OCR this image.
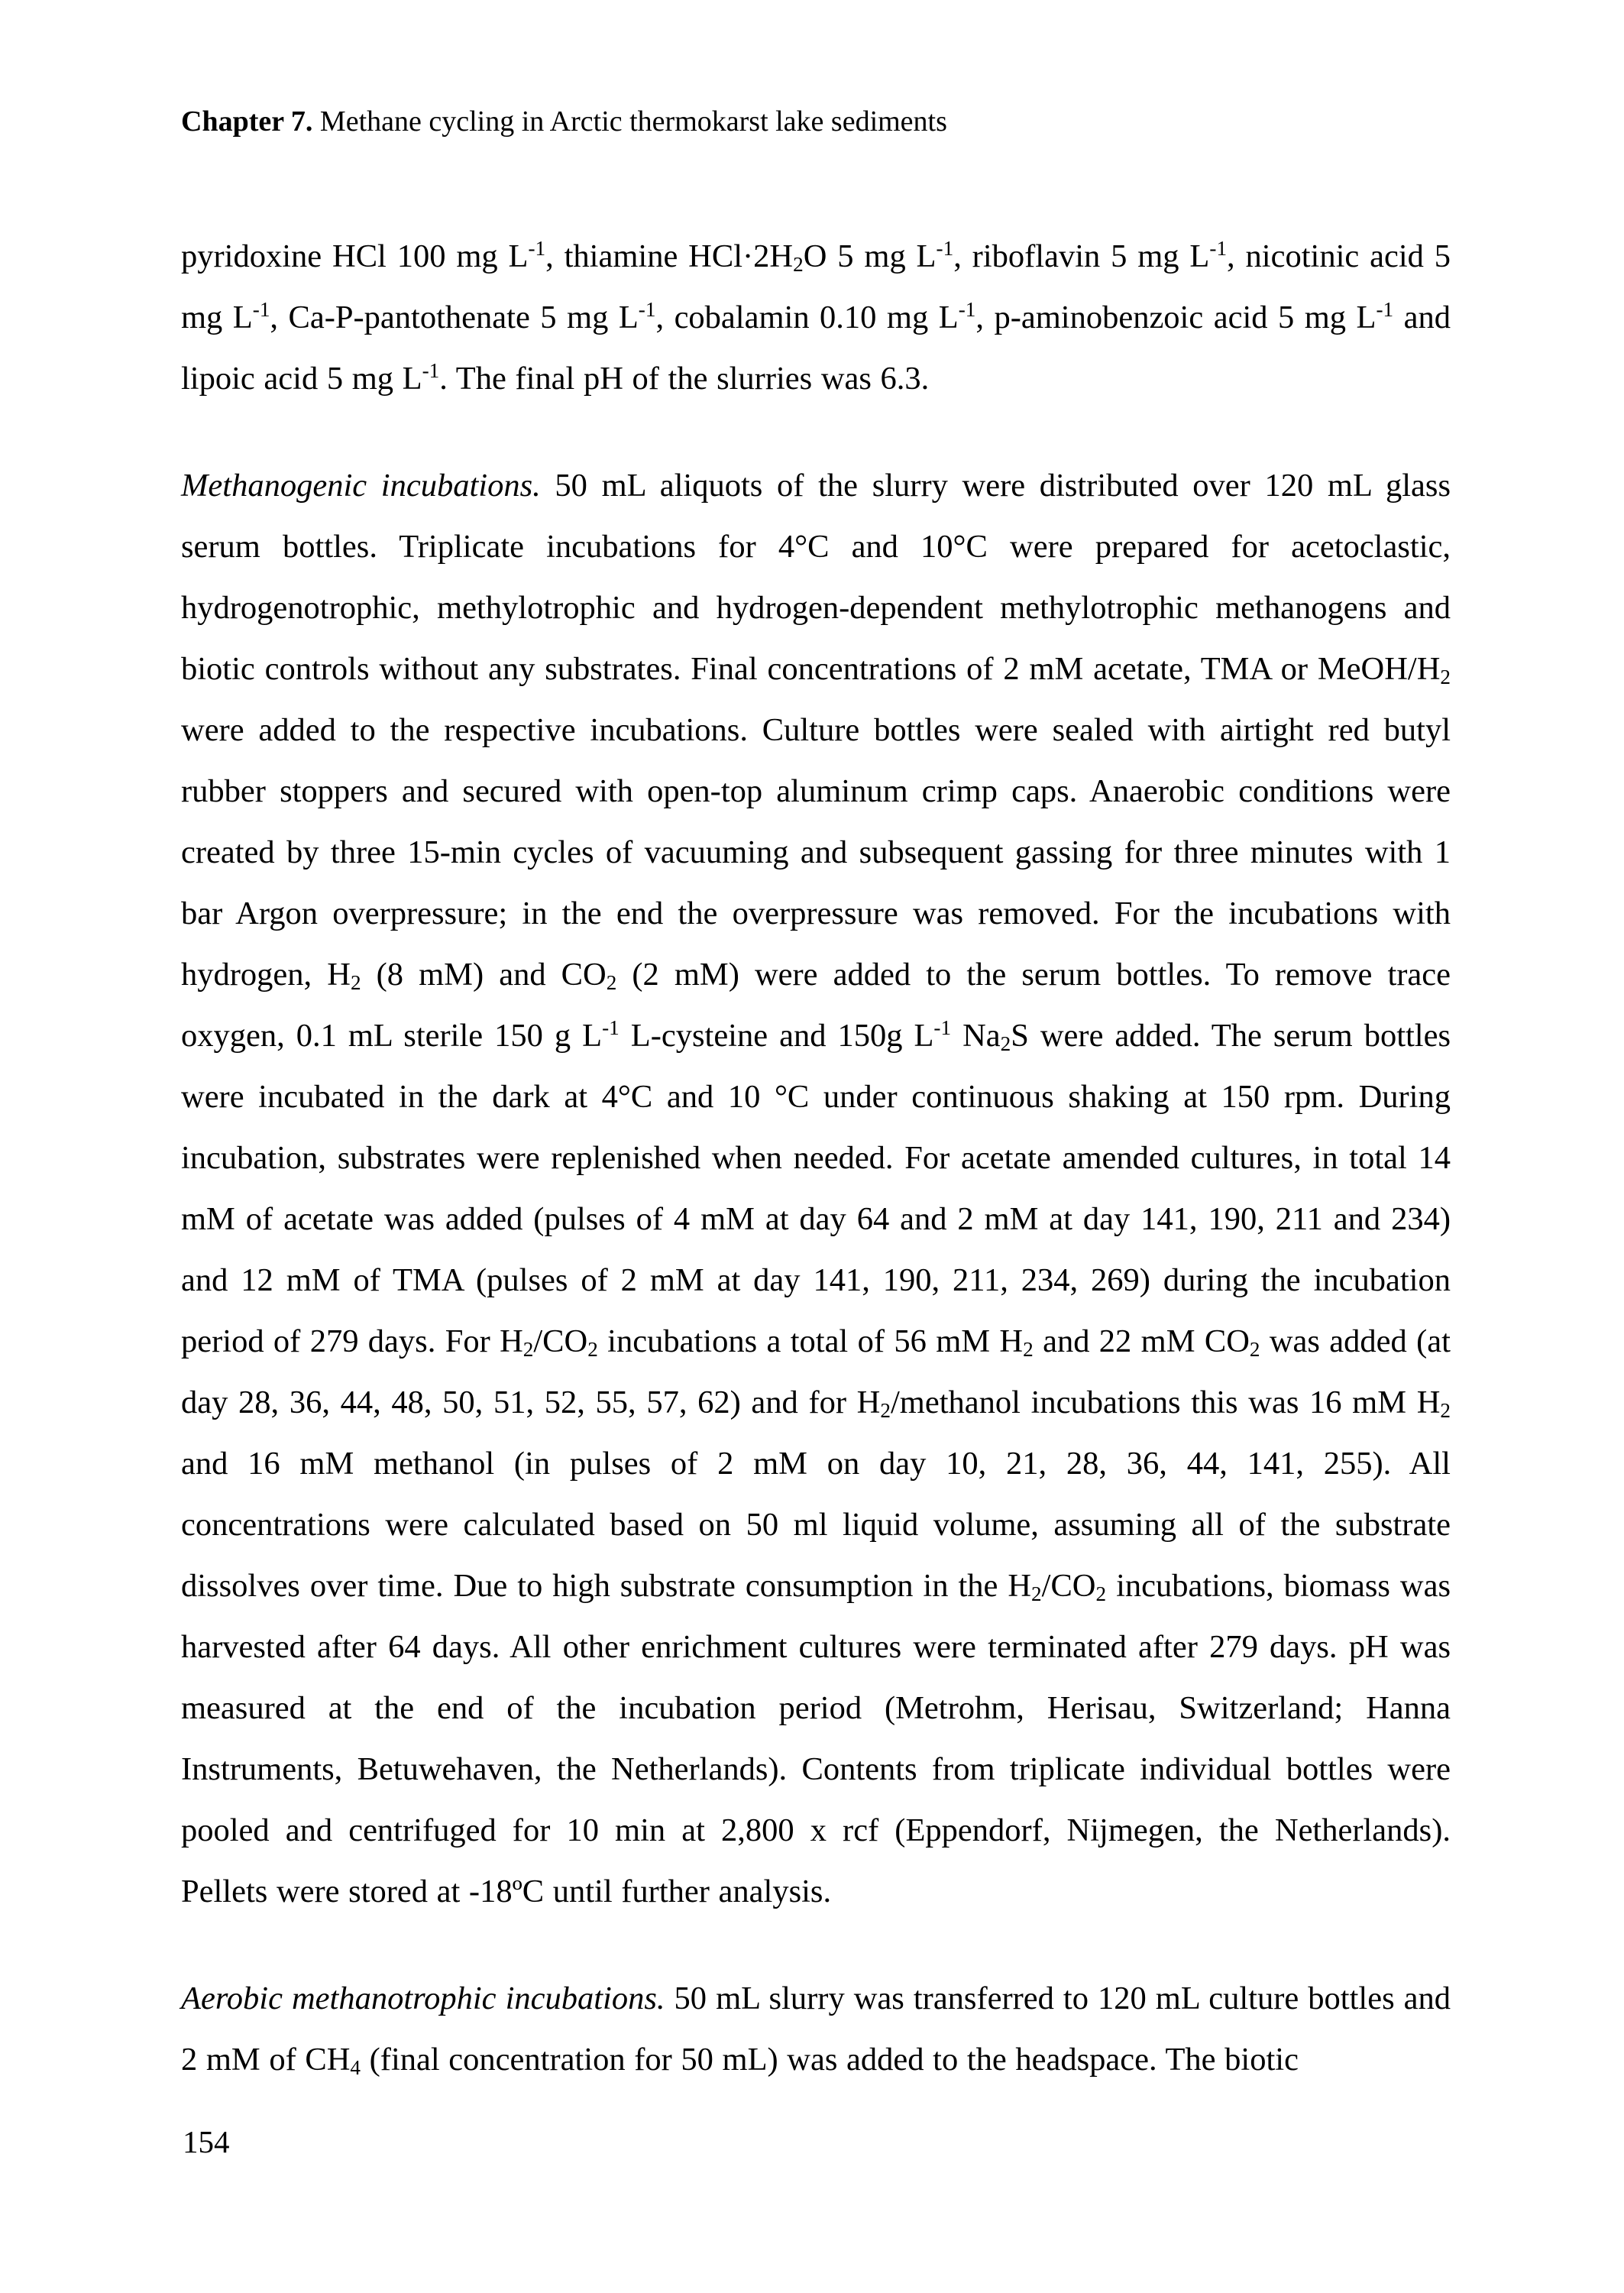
Chapter 7. Methane cycling in Arctic thermokarst lake sediments

pyridoxine HCl 100 mg $L^{-1}$, thiamine $HCl\cdot 2H_2O$ 5 mg $L^{-1}$, riboflavin 5 mg $L^{-1}$, nicotinic acid 5 mg $L^{-1}$, Ca-P-pantothenate 5 mg $L^{-1}$, cobalamin 0.10 mg $L^{-1}$, p-aminobenzoic acid 5 mg $L^{-1}$ and lipoic acid 5 mg $L^{-1}$. The final pH of the slurries was 6.3.

Methanogenic incubations. 50 mL aliquots of the slurry were distributed over 120 mL glass serum bottles. Triplicate incubations for 4°C and 10°C were prepared for acetoclastic, hydrogenotrophic, methylotrophic and hydrogen-dependent methylotrophic methanogens and biotic controls without any substrates. Final concentrations of 2 mM acetate, TMA or MeOH/$H_2$ were added to the respective incubations. Culture bottles were sealed with airtight red butyl rubber stoppers and secured with open-top aluminum crimp caps. Anaerobic conditions were created by three 15-min cycles of vacuuming and subsequent gassing for three minutes with 1 bar Argon overpressure; in the end the overpressure was removed. For the incubations with hydrogen, $H_2$ (8 mM) and $CO_2$ (2 mM) were added to the serum bottles. To remove trace oxygen, 0.1 mL sterile 150 g $L^{-1}$ L-cysteine and 150g $L^{-1}$ $Na_2S$ were added. The serum bottles were incubated in the dark at 4°C and 10 °C under continuous shaking at 150 rpm. During incubation, substrates were replenished when needed. For acetate amended cultures, in total 14 mM of acetate was added (pulses of 4 mM at day 64 and 2 mM at day 141, 190, 211 and 234) and 12 mM of TMA (pulses of 2 mM at day 141, 190, 211, 234, 269) during the incubation period of 279 days. For $H_2/CO_2$ incubations a total of 56 mM $H_2$ and 22 mM $CO_2$ was added (at day 28, 36, 44, 48, 50, 51, 52, 55, 57, 62) and for $H_2$/methanol incubations this was 16 mM $H_2$ and 16 mM methanol (in pulses of 2 mM on day 10, 21, 28, 36, 44, 141, 255). All concentrations were calculated based on 50 ml liquid volume, assuming all of the substrate dissolves over time. Due to high substrate consumption in the $H_2/CO_2$ incubations, biomass was harvested after 64 days. All other enrichment cultures were terminated after 279 days. pH was measured at the end of the incubation period (Metrohm, Herisau, Switzerland; Hanna Instruments, Betuwehaven, the Netherlands). Contents from triplicate individual bottles were pooled and centrifuged for 10 min at 2,800 x rcf (Eppendorf, Nijmegen, the Netherlands). Pellets were stored at -18ºC until further analysis.

Aerobic methanotrophic incubations. 50 mL slurry was transferred to 120 mL culture bottles and 2 mM of $CH_4$ (final concentration for 50 mL) was added to the headspace. The biotic

154
